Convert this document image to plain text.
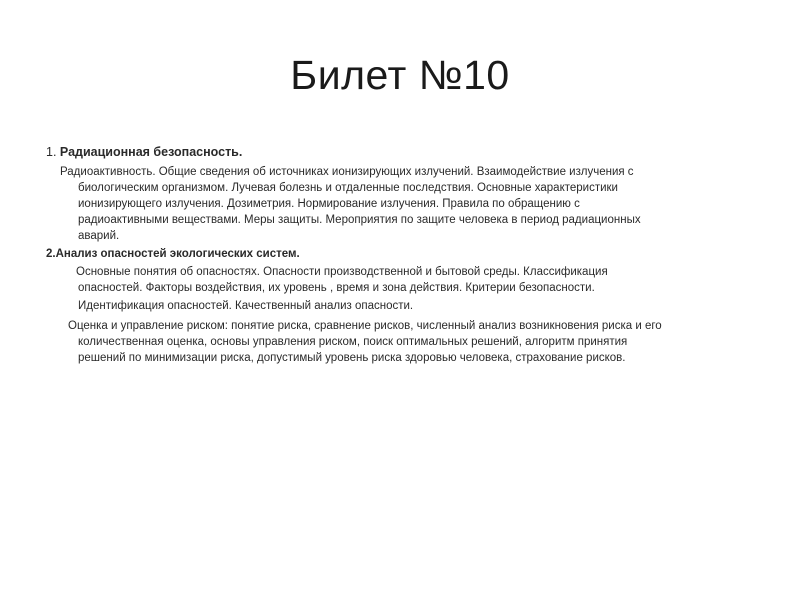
Билет №10
1. Радиационная безопасность.
Радиоактивность. Общие сведения об источниках ионизирующих излучений. Взаимодействие излучения с
биологическим организмом. Лучевая болезнь и отдаленные последствия. Основные характеристики
ионизирующего излучения. Дозиметрия. Нормирование излучения. Правила по обращению с
радиоактивными веществами. Меры защиты. Мероприятия по защите человека в период радиационных
аварий.
2.Анализ опасностей экологических систем.
Основные понятия об опасностях. Опасности производственной и бытовой среды. Классификация
опасностей. Факторы воздействия, их уровень , время и зона действия. Критерии безопасности.
Идентификация опасностей. Качественный анализ опасности.
Оценка и управление риском: понятие риска, сравнение рисков, численный анализ возникновения риска и его
количественная оценка, основы управления риском, поиск оптимальных решений, алгоритм принятия
решений по минимизации риска, допустимый уровень риска здоровью человека, страхование рисков.
